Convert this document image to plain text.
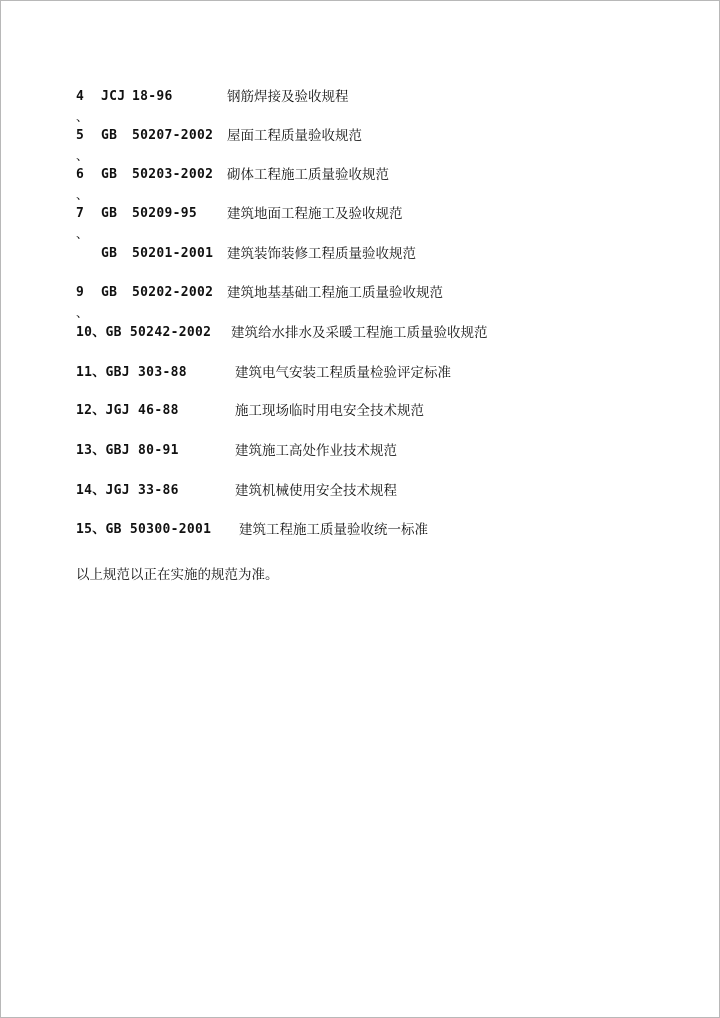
4 JCJ 18-96	钢筋焊接及验收规程
、
5 GB 50207-2002 屋面工程质量验收规范
、
6 GB 50203-2002 砌体工程施工质量验收规范
、
7 GB 50209-95 建筑地面工程施工及验收规范
、
GB 50201-2001 建筑装饰装修工程质量验收规范
9 GB 50202-2002 建筑地基基础工程施工质量验收规范
、
10、GB 50242-2002 建筑给水排水及采暖工程施工质量验收规范
11、GBJ 303-88	建筑电气安装工程质量检验评定标准
12、JGJ 46-88	施工现场临时用电安全技术规范
13、GBJ 80-91	建筑施工高处作业技术规范
14、JGJ 33-86	建筑机械使用安全技术规程
15、GB 50300-2001 建筑工程施工质量验收统一标准
以上规范以正在实施的规范为准。
